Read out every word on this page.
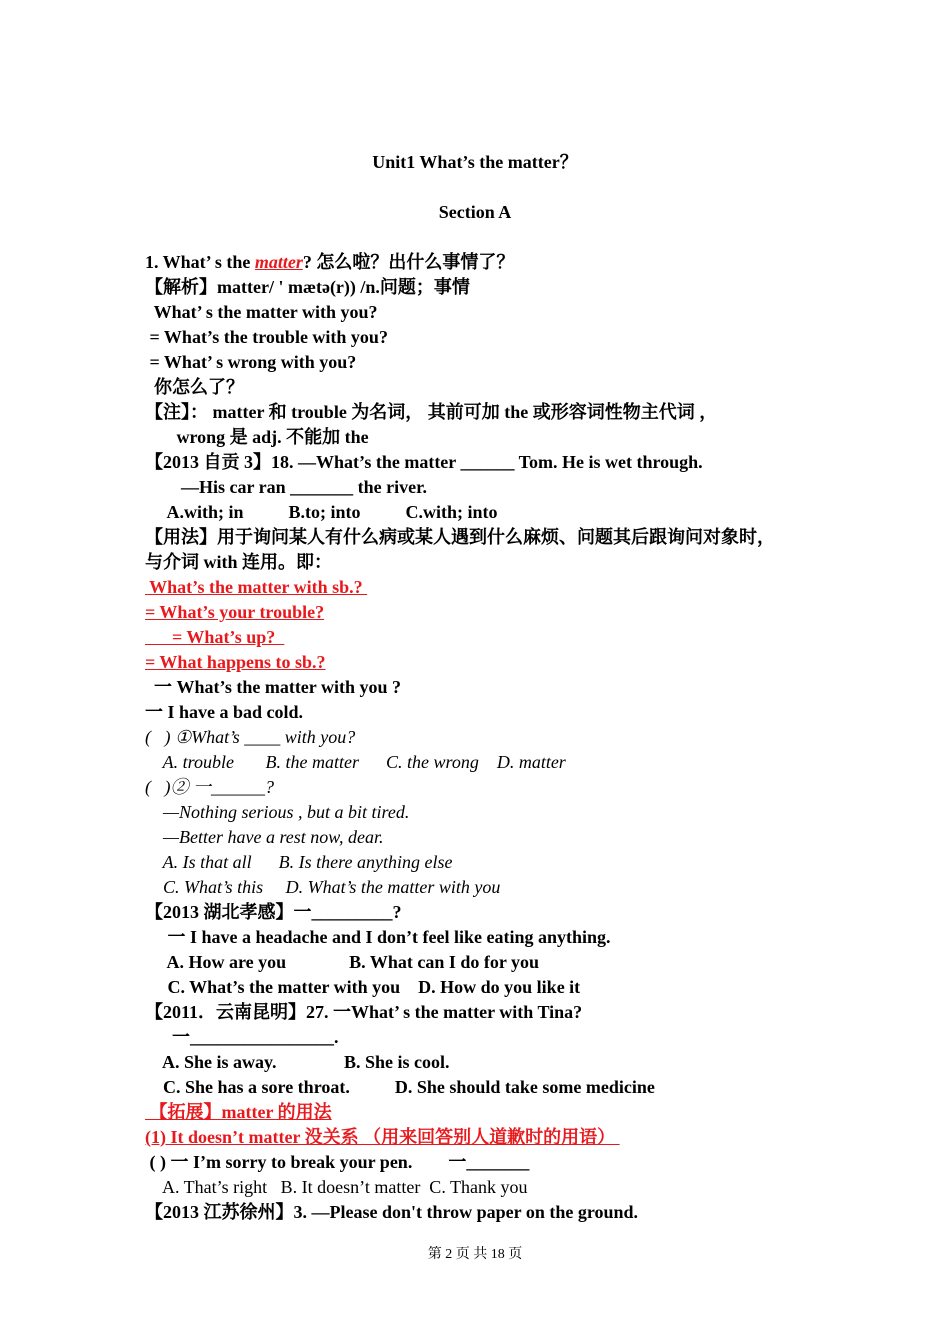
Unit1 What’s the matter？
Section A
1. What’ s the matter? 怎么啦？出什么事情了？
【解析】matter/ ' mætə(r)) /n.问题；事情
What’ s the matter with you?
= What’s the trouble with you?
= What’ s wrong with you?
你怎么了？
【注】： matter 和 trouble 为名词， 其前可加 the 或形容词性物主代词 ，
wrong 是 adj. 不能加 the
【2013 自贡 3】18. —What’s the matter ______ Tom. He is wet through.
—His car ran _______ the river.
A.with; in          B.to; into          C.with; into
【用法】用于询问某人有什么病或某人遇到什么麻烦、问题其后跟询问对象时，
与介词 with 连用。即：
What’s the matter with sb.?
= What’s your trouble?
= What’s up?
= What happens to sb.?
一 What’s the matter with you ?
一 I have a bad cold.
(   ) ①What’s ____ with you?
A. trouble       B. the matter      C. the wrong    D. matter
(   )② 一______?
—Nothing serious , but a bit tired.
—Better have a rest now, dear.
A. Is that all      B. Is there anything else
C. What’s this     D. What’s the matter with you
【2013 湖北孝感】一_________?
一 I have a headache and I don’t feel like eating anything.
A. How are you              B. What can I do for you
C. What’s the matter with you    D. How do you like it
【2011．云南昆明】27. 一What’ s the matter with Tina?
一________________.
A. She is away.               B. She is cool.
C. She has a sore throat.          D. She should take some medicine
【拓展】matter 的用法
(1) It doesn’t matter 没关系 （用来回答别人道歉时的用语）
( ) 一 I’m sorry to break your pen.        一_______
A. That’s right   B. It doesn’t matter  C. Thank you
【2013 江苏徐州】3. —Please don't throw paper on the ground.
第 2 页 共 18 页
